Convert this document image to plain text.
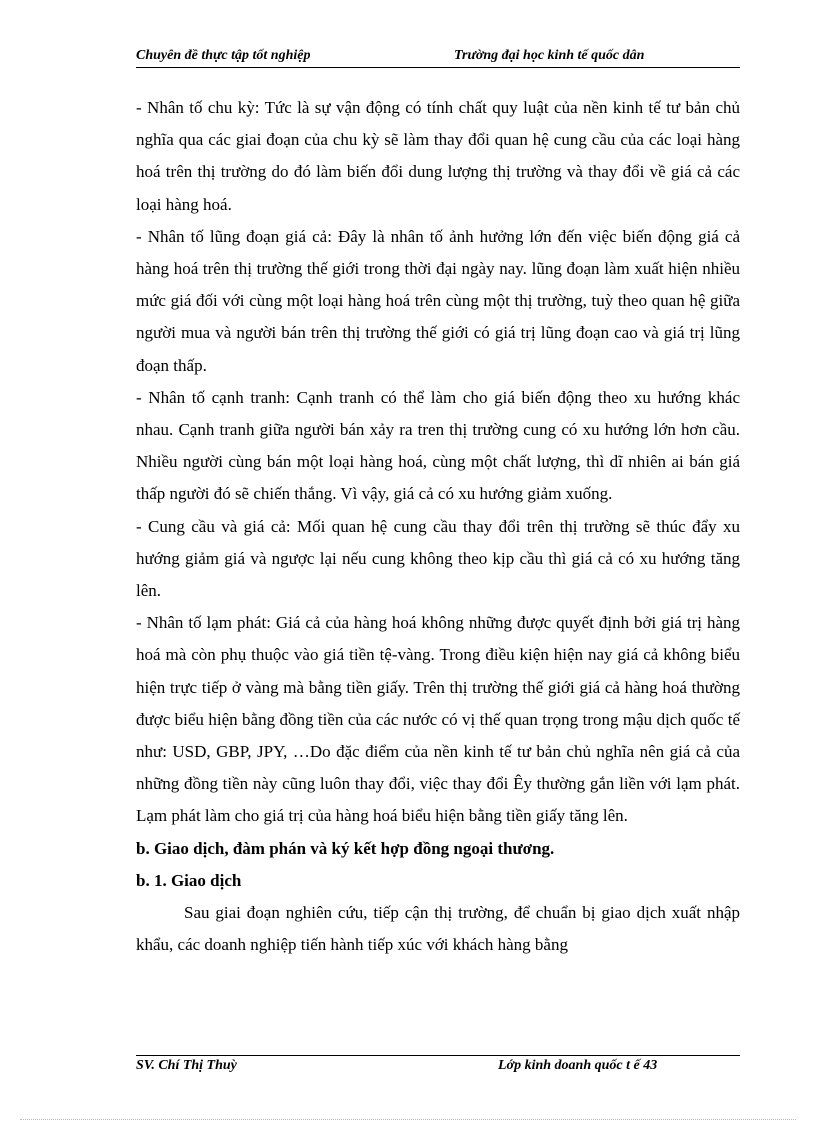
Chuyên đề thực tập tốt nghiệp	Trường đại học kinh tế quốc dân

- Nhân tố chu kỳ: Tức là sự vận động có tính chất quy luật của nền kinh tế tư bản chủ nghĩa qua các giai đoạn của chu kỳ sẽ làm thay đổi quan hệ cung cầu của các loại hàng hoá trên thị trường do đó làm biến đổi dung lượng thị trường và thay đổi về giá cả các loại hàng hoá.

- Nhân tố lũng đoạn giá cả: Đây là nhân tố ảnh hưởng lớn đến việc biến động giá cả hàng hoá trên thị trường thế giới trong thời đại ngày nay. lũng đoạn làm xuất hiện nhiều mức giá đối với cùng một loại hàng hoá trên cùng một thị trường, tuỳ theo quan hệ giữa người mua và người bán trên thị trường thế giới có giá trị lũng đoạn cao và giá trị lũng đoạn thấp.

- Nhân tố cạnh tranh: Cạnh tranh có thể làm cho giá biến động theo xu hướng khác nhau. Cạnh tranh giữa người bán xảy ra tren thị trường cung có xu hướng lớn hơn cầu. Nhiều người cùng bán một loại hàng hoá, cùng một chất lượng, thì dĩ nhiên ai bán giá thấp người đó sẽ chiến thắng. Vì vậy, giá cả có xu hướng giảm xuống.

- Cung cầu và giá cả: Mối quan hệ cung cầu thay đổi trên thị trường sẽ thúc đẩy xu hướng giảm giá và ngược lại nếu cung không theo kịp cầu thì giá cả có xu hướng tăng lên.

- Nhân tố lạm phát: Giá cả của hàng hoá không những được quyết định bởi giá trị hàng hoá mà còn phụ thuộc vào giá tiền tệ-vàng. Trong điều kiện hiện nay giá cả không biểu hiện trực tiếp ở vàng mà bằng tiền giấy. Trên thị trường thế giới giá cả hàng hoá thường được biểu hiện bằng đồng tiền của các nước có vị thế quan trọng trong mậu dịch quốc tế như: USD, GBP, JPY, …Do đặc điểm của nền kinh tế tư bản chủ nghĩa nên giá cả của những đồng tiền này cũng luôn thay đổi, việc thay đổi Êy thường gắn liền với lạm phát. Lạm phát làm cho giá trị của hàng hoá biểu hiện bằng tiền giấy tăng lên.

b. Giao dịch, đàm phán và ký kết hợp đồng ngoại thương.

b. 1. Giao dịch

Sau giai đoạn nghiên cứu, tiếp cận thị trường, để chuẩn bị giao dịch xuất nhập khẩu, các doanh nghiệp tiến hành tiếp xúc với khách hàng bằng

SV. Chí Thị Thuỳ	Lớp kinh doanh quốc t ế 43
